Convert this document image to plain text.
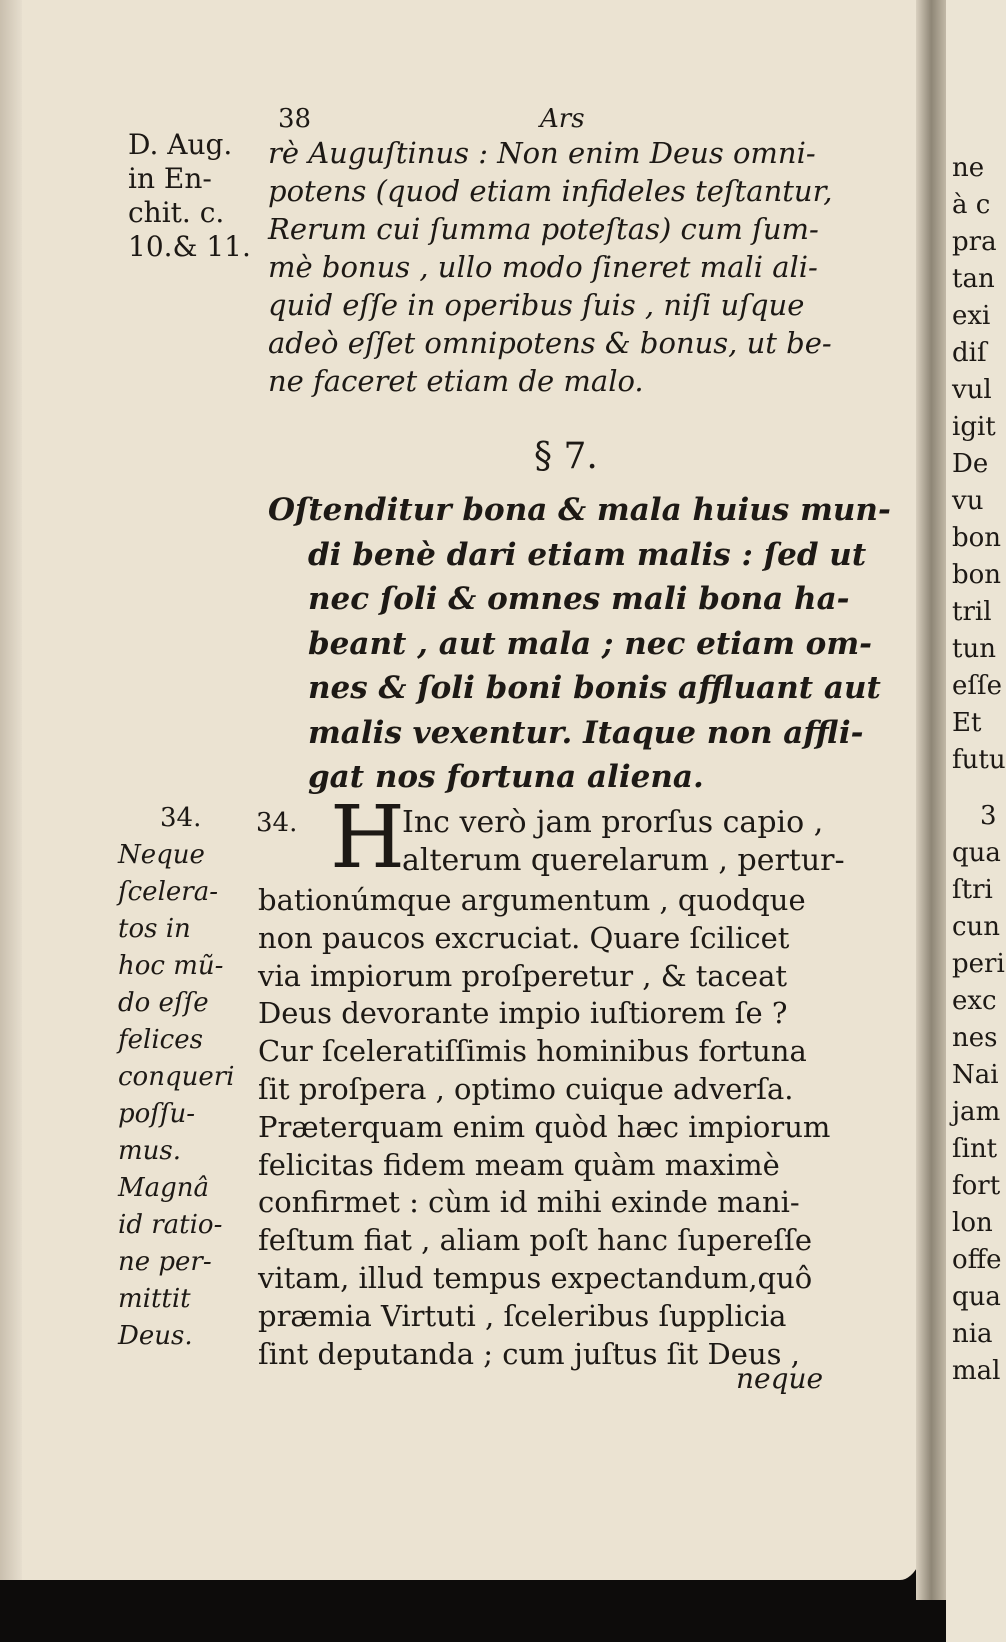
38	Ars
D. Aug.
in En-
chit. c.
10.& 11.
rè Auguſtinus : Non enim Deus omni-
potens (quod etiam infideles teſtantur,
Rerum cui ſumma poteſtas) cum ſum-
mè bonus , ullo modo ſineret mali ali-
quid eſſe in operibus ſuis , niſi uſque
adeò eſſet omnipotens & bonus, ut be-
ne faceret etiam de malo.
§ 7.
Oſtenditur bona & mala huius mun-
di benè dari etiam malis : ſed ut
nec ſoli & omnes mali bona ha-
beant , aut mala ; nec etiam om-
nes & ſoli boni bonis affluant aut
malis vexentur. Itaque non affli-
gat nos fortuna aliena.
34.
Neque
ſcelera-
tos in
hoc mũ-
do eſſe
felices
conqueri
poſſu-
mus.
Magnâ
id ratio-
ne per-
mittit
Deus.
34. H
Inc verò jam prorſus capio ,
alterum querelarum , pertur-
bationúmque argumentum , quodque
non paucos excruciat. Quare ſcilicet
via impiorum proſperetur , & taceat
Deus devorante impio iuſtiorem ſe ?
Cur ſceleratiſſimis hominibus fortuna
ſit proſpera , optimo cuique adverſa.
Præterquam enim quòd hæc impiorum
felicitas fidem meam quàm maximè
confirmet : cùm id mihi exinde mani-
feſtum fiat , aliam poſt hanc ſupereſſe
vitam, illud tempus expectandum,quô
præmia Virtuti , ſceleribus ſupplicia
ſint deputanda ; cum juſtus ſit Deus ,
neque
ne
à c
pra
tan
exi
diſ
vul
igit
De
vu
bon
bon
tril
tun
eſſe
Et
futu
3
qua
ſtri
cun
peri
exc
nes
Nai
jam
ſint
fort
lon
offe
qua
nia
mal
